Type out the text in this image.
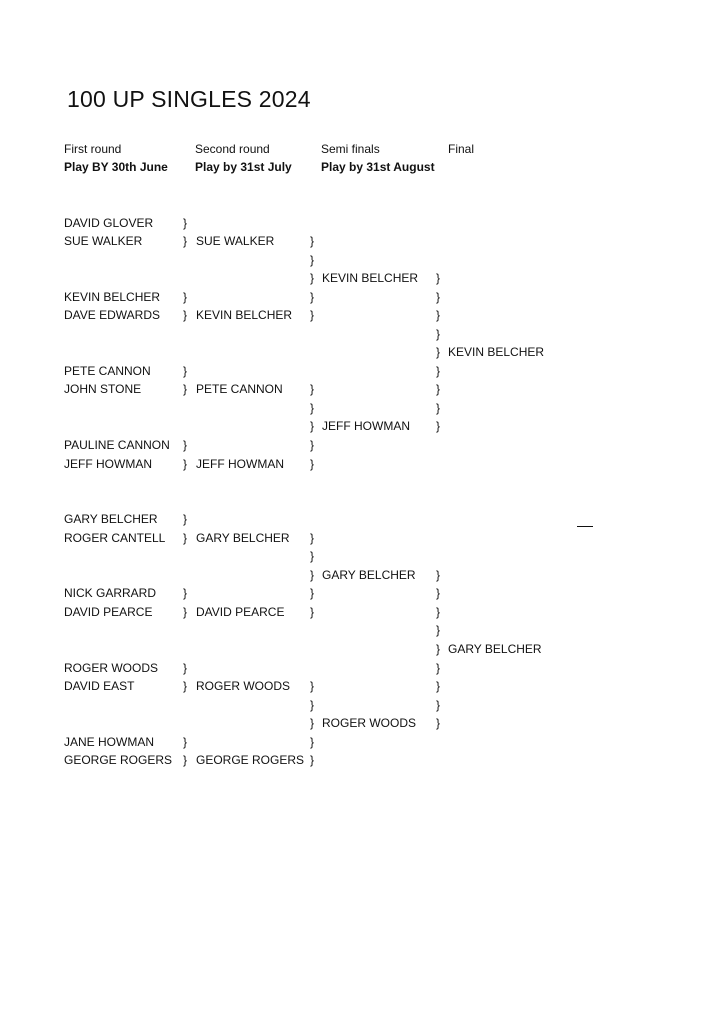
100 UP SINGLES 2024
First round
Play BY 30th June
Second round
Play by 31st July
Semi finals
Play by 31st August
Final
DAVID GLOVER
SUE WALKER
KEVIN BELCHER
DAVE EDWARDS
PETE CANNON
JOHN STONE
PAULINE CANNON
JEFF HOWMAN
GARY BELCHER
ROGER CANTELL
NICK GARRARD
DAVID PEARCE
ROGER WOODS
DAVID EAST
JANE HOWMAN
GEORGE ROGERS
}
}
}
}
}
}
}
}
}
}
}
}
}
}
}
}
SUE WALKER
KEVIN BELCHER
PETE CANNON
JEFF HOWMAN
GARY BELCHER
DAVID PEARCE
ROGER WOODS
GEORGE ROGERS
}
}
}
}
}
}
}
}
}
}
}
}
}
}
}
}
}
}
}
}
KEVIN BELCHER
JEFF HOWMAN
GARY BELCHER
ROGER WOODS
}
}
}
}
}
}
}
}
}
}
}
}
}
}
}
}
}
}
KEVIN BELCHER
GARY BELCHER
